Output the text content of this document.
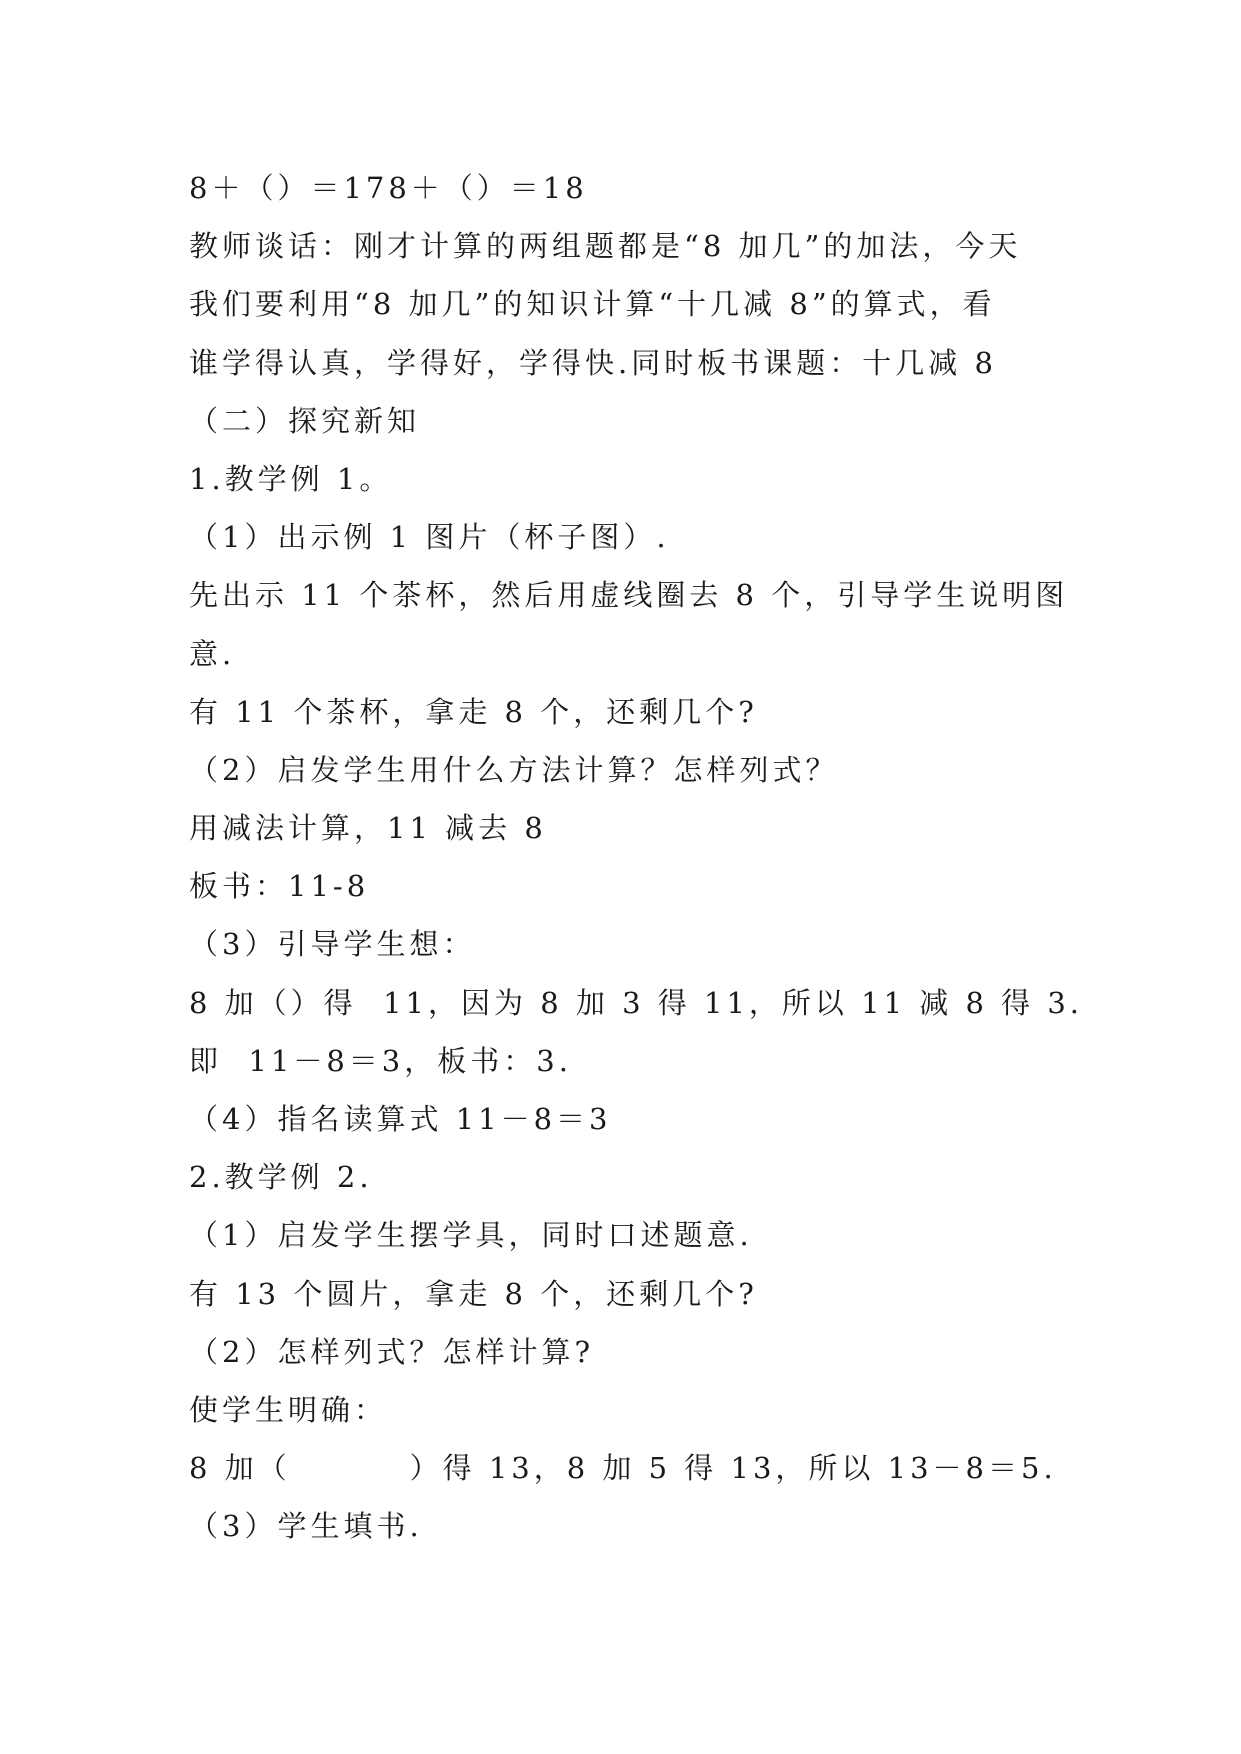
8＋（）＝178＋（）＝18

教师谈话：刚才计算的两组题都是“8 加几”的加法，今天

我们要利用“8 加几”的知识计算“十几减 8”的算式，看

谁学得认真，学得好，学得快.同时板书课题：十几减 8

（二）探究新知

1.教学例 1。

（1）出示例 1 图片（杯子图）.

先出示 11 个茶杯，然后用虚线圈去 8 个，引导学生说明图

意.

有 11 个茶杯，拿走 8 个，还剩几个?

（2）启发学生用什么方法计算？怎样列式？

用减法计算，11 减去 8

板书：11-8

（3）引导学生想：

8 加（）得  11，因为 8 加 3 得 11，所以 11 减 8 得 3.

即  11－8＝3，板书：3.

（4）指名读算式 11－8＝3

2.教学例 2.

（1）启发学生摆学具，同时口述题意.

有 13 个圆片，拿走 8 个，还剩几个?

（2）怎样列式？怎样计算?

使学生明确：

8 加（         ）得 13，8 加 5 得 13，所以 13－8＝5.

（3）学生填书.
